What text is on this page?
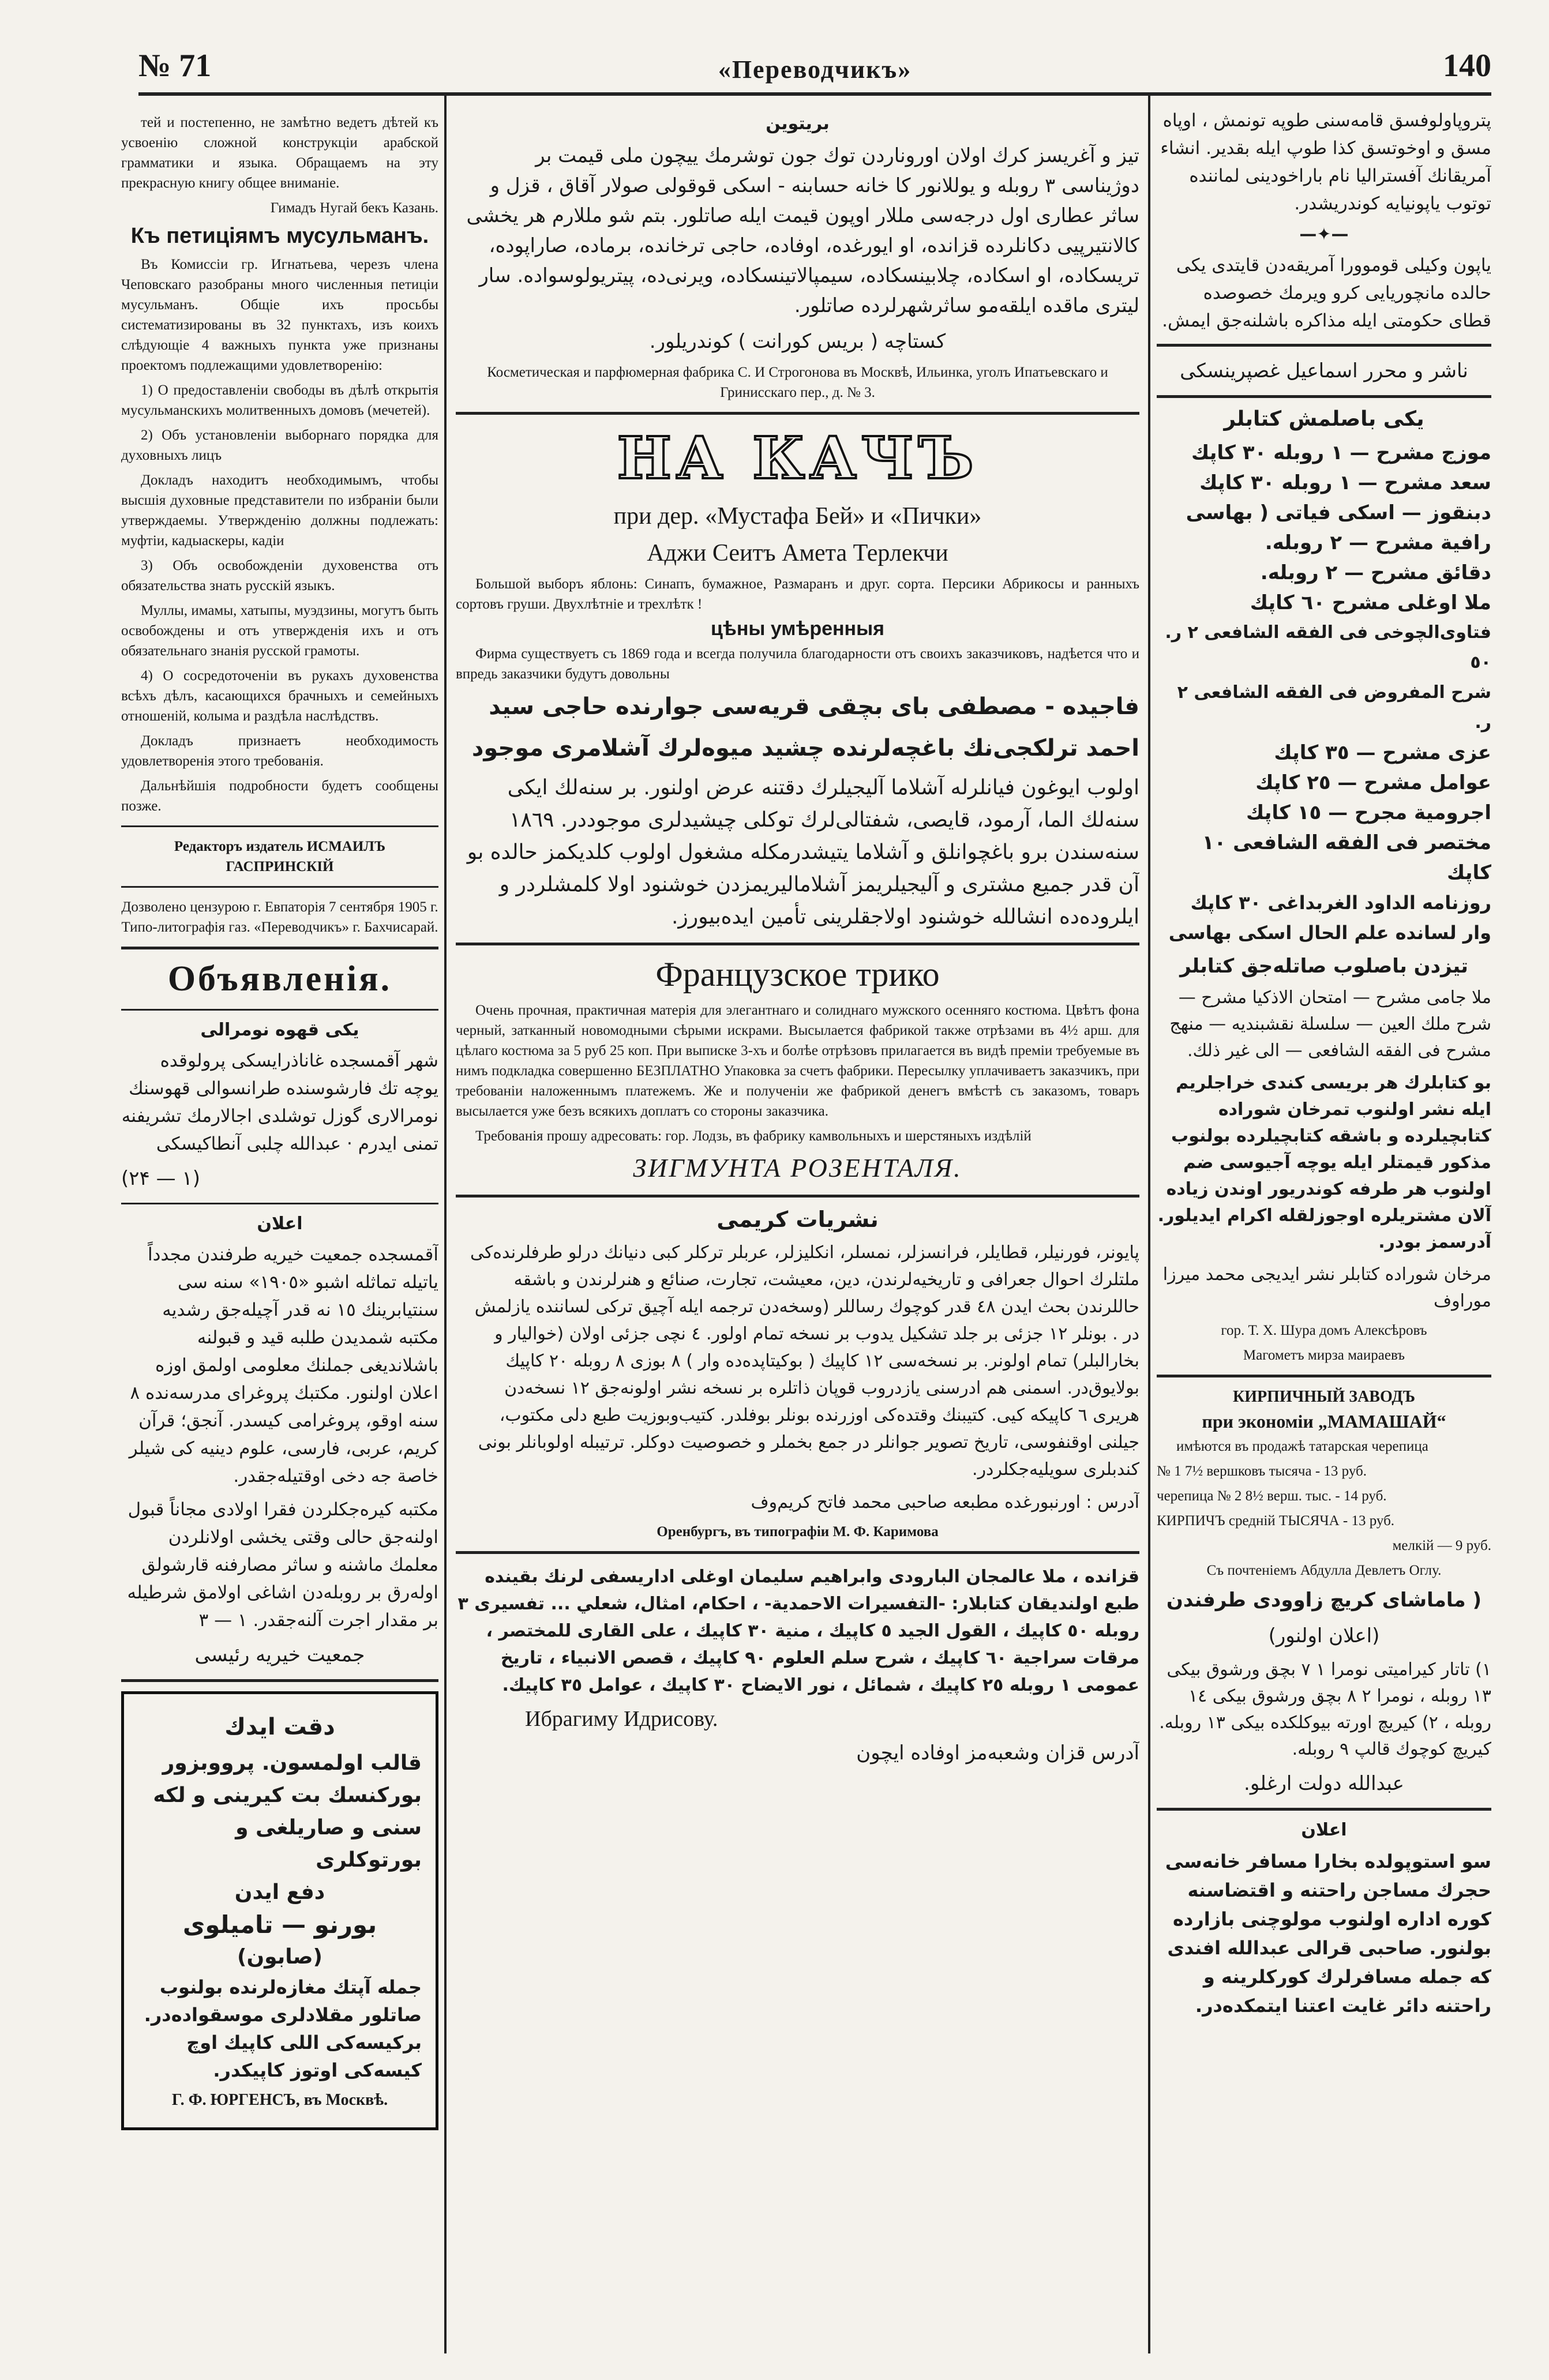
№ 71	«Переводчикъ»	140

тей и постепенно, не замѣтно ведетъ дѣтей къ усвоенію сложной конструкціи арабской грамматики и языка. Обращаемъ на эту прекрасную книгу общее вниманіе.

Гимадъ Нугай бекъ Казань.

Къ петиціямъ мусульманъ.

Въ Комиссіи гр. Игнатьева, черезъ члена Чеповскаго разобраны много численныя петиціи мусульманъ. Общіе ихъ просьбы систематизированы въ 32 пунктахъ, изъ коихъ слѣдующіе 4 важныхъ пункта уже признаны проектомъ подлежащими удовлетворенію:

1) О предоставленіи свободы въ дѣлѣ открытія мусульманскихъ молитвенныхъ домовъ (мечетей).

2) Объ установленіи выборнаго порядка для духовныхъ лицъ

Докладъ находитъ необходимымъ, чтобы высшія духовные представители по избраніи были утверждаемы. Утвержденію должны подлежать: муфтіи, кадыаскеры, кадіи

3) Объ освобожденіи духовенства отъ обязательства знать русскій языкъ.

Муллы, имамы, хатыпы, муэдзины, могутъ быть освобождены и отъ утвержденія ихъ и отъ обязательнаго знанія русской грамоты.

4) О сосредоточеніи въ рукахъ духовенства всѣхъ дѣлъ, касающихся брачныхъ и семейныхъ отношеній, колыма и раздѣла наслѣдствъ.

Докладъ признаетъ необходимость удовлетворенія этого требованія.

Дальнѣйшія подробности будетъ сообщены позже.

Редакторъ издатель ИСМАИЛЪ ГАСПРИНСКІЙ

Дозволено цензурою г. Евпаторія 7 сентября 1905 г. Типо-литографія газ. «Переводчикъ» г. Бахчисарай.

Объявленія.
يكى قهوه نومرالى

شهر آقمسجده غاناذرايسكى پرولوقده يوچه تك فارشوسنده طرانسوالى قهوسنك نومرالارى گوزل توشلدى اجالارمك تشريفنه تمنى ايدرم · عبدالله چلبى آنطاكيسكى

(۱ — ۲۴)

اعلان

آقمسجده جمعيت خيريه طرفندن مجدداً ياتيله تماثله اشبو «١٩٠٥» سنه سى سنتيابرينك ١٥ نه قدر آچيله‌جق رشديه مكتبه شمديدن طلبه قيد و قبولنه باشلانديغى جملنك معلومى اولمق اوزه اعلان اولنور. مكتبك پروغراى مدرسه‌نده ٨ سنه اوقو، پروغرامى كيسدر. آنجق؛ قرآن كريم، عربى، فارسى، علوم دينيه كى شيلر خاصة جه دخى اوقتيله‌جقدر.

مكتبه كيره‌جكلردن فقرا اولادى مجاناً قبول اولنه‌جق حالى وقتى يخشى اولانلردن معلمك ماشنه و ساثر مصارفنه قارشولق اوله‌رق بر روبله‌دن اشاغى اولامق شرطيله بر مقدار اجرت آلنه‌جقدر. ١ — ٣

جمعيت خيريه رئيسى

دقت ايدك

قالب اولمسون. پرووبزور

بوركنسك بت كيرينى و لكه

سنى و صاريلغى و بورتوكلرى

دفع ايدن

بورنو — تاميلوى

(صابون)

جمله آپتك مغازه‌لرنده بولنوب صاتلور مقلادلرى موسقواده‌در. بركيسه‌كى اللى كاپيك اوچ كيسه‌كى اوتوز كاپيكدر.

Г. Ф. ЮРГЕНСЪ, въ Москвѣ.

بريتوين

تيز و آغريسز كرك اولان اوروناردن توك جون توشرمك ييچون ملى قيمت بر دوژيناسى ٣ روبله و يوللانور كا خانه حسابنه - اسكى قوقولى صولار آقاق ، قزل و ساثر عطارى اول درجه‌سى مللار اوپون قيمت ايله صاتلور. بتم شو مللارم هر يخشى كالانتيرپيى دكانلرده قزانده، او ايورغده، اوفاده، حاجى ترخانده، برماده، صاراپوده، تريسكاده، او اسكاده، چلابينسكاده، سيمپالاتينسكاده، ويرنى‌ده، پيتريولوسواده. سار ليترى ماقده ايلقه‌مو ساثرشهرلرده صاتلور.

كستاچه ( بريس كورانت ) كوندريلور.

Косметическая и парфюмерная фабрика С. И Строгонова въ Москвѣ, Ильинка, уголъ Ипатьевскаго и Гринисскаго пер., д. № 3.

НА КАЧЪ

при дер. «Мустафа Бей» и «Пички»

Аджи Сеитъ Амета Терлекчи

Большой выборъ яблонь: Синапъ, бумажное, Размаранъ и друг. сорта. Персики Абрикосы и ранныхъ сортовъ груши. Двухлѣтніе и трехлѣтк !

цѣны умѣренныя

Фирма существуетъ съ 1869 года и всегда получила благодарности отъ своихъ заказчиковъ, надѣется что и впредь заказчики будутъ довольны

فاجيده - مصطفى باى بچقى قريه‌سى جوارنده حاجى سيد

احمد ترلكجى‌نك باغچه‌لرنده چشيد ميوه‌لرك آشلامرى موجود

اولوب ايوغون فيانلرله آشلاما آليجيلرك دقتنه عرض اولنور. بر سنه‌لك ايكى سنه‌لك الما، آرمود، قايصى، شفتالى‌لرك توكلى چيشيدلرى موجوددر. ١٨٦٩ سنه‌سندن برو باغچوانلق و آشلاما يتيشدرمكله مشغول اولوب كلديكمز حالده بو آن‌ قدر جميع مشترى و آليجيلريمز آشلاماليريمزدن خوشنود اولا كلمشلردر و ايلروده‌ده انشالله خوشنود اولاجقلرينى تأمين ايده‌بيورز.

Французское трико

Очень прочная, практичная матерія для элегантнаго и солиднаго мужского осенняго костюма. Цвѣтъ фона черный, затканный новомодными сѣрыми искрами. Высылается фабрикой также отрѣзами въ 4½ арш. для цѣлаго костюма за 5 руб 25 коп. При выписке 3-хъ и болѣе отрѣзовъ прилагается въ видѣ преміи требуемые въ нимъ подкладка совершенно БЕЗПЛАТНО Упаковка за счетъ фабрики. Пересылку уплачиваетъ заказчикъ, при требованіи наложеннымъ платежемъ. Же и полученіи же фабрикой денегъ вмѣстѣ съ заказомъ, товаръ высылается уже безъ всякихъ доплатъ со стороны заказчика.

Требованія прошу адресовать: гор. Лодзь, въ фабрику камвольныхъ и шерстяныхъ издѣлій

ЗИГМУНТА РОЗЕНТАЛЯ.

نشريات كريمى

پايونر، فورنيلر، قطايلر، فرانسزلر، نمسلر، انكليزلر، عربلر تركلر كبى دنيانك درلو طرفلرنده‌كى ملتلرك احوال جعرافى و تاريخيه‌لرندن، دين، معيشت، تجارت، صنائع و هنرلرندن و باشقه حاللرندن بحث ايدن ٤٨ قدر كوچوك رساللر (وسخه‌دن ترجمه ايله آچيق تركى لساننده يازلمش در . بونلر ١٢ جزئى بر جلد تشكيل يدوب بر نسخه تمام اولور. ٤ نچى جزئى اولان (خواليار و بخارالبلر) تمام اولونر. بر نسخه‌سى ١٢ كاپيك ( بوكيتاپده‌ده وار ) ٨ بوزى ٨ روبله ٢٠ كاپيك بولايوق‌در. اسمنى هم ادرسنى يازدروب قوپان ذاتلره بر نسخه نشر اولونه‌جق ١٢ نسخه‌دن هريرى ٦ كاپيكه كيى. كتيبنك وقتده‌كى اوزرنده بونلر بوفلدر. كتيب‌وبوزيت طبع دلى مكتوب، جيلنى اوقنفوسى، تاريخ تصوير جوانلر در جمع بخملر و خصوصيت دوكلر. ترتيبله اولوبانلر بونى كندبلرى سويليه‌جكلردر.

آدرس : اورنبورغده مطبعه صاحبى محمد فاتح كريم‌وف

Оренбургъ, въ типографіи М. Ф. Каримова

قزانده ، ملا عالمجان البارودى وابراهيم سليمان اوغلى اداريسفى لرنك بقينده طبع اولنديقان كتابلار: -التفسيرات الاحمدية- ، احكام، امثال، شعلي ... تفسيرى ٣ روبله ٥٠ كاپيك ، القول الجيد ٥ كاپيك ، منية ٣٠ كاپيك ، على القارى للمختصر ، مرقات سراجية ٦٠ كاپيك ، شرح سلم العلوم ٩٠ كاپيك ، قصص الانبياء ، تاريخ عمومى ١ روبله ٢٥ كاپيك ، شمائل ، نور الايضاح ٣٠ كاپيك ، عوامل ٣٥ كاپيك.

Ибрагиму Идрисову.

آدرس قزان وشعبه‌مز اوفاده ايچون

پتروپاولوفسق قامه‌سنى طوپه تونمش ، اوپاه مسق و اوخوتسق كذا طوپ ايله بقدير. انشاء آمريقانك آفستراليا نام باراخودينى لماننده توتوب ياپونيايه كوندريشدر.

—✦—

ياپون وكيلى قوموورا آمريقه‌دن قايتدى يكى حالده مانچوريايى كرو ويرمك خصوصده قطاى حكومتى ايله مذاكره باشلنه‌جق ايمش.

ناشر و محرر اسماعيل غصپرينسكى

يكى باصلمش كتابلر

موزج مشرح — ١ روبله ٣٠ كاپك

سعد مشرح — ١ روبله ٣٠ كاپك

دبنقوز — اسكى فياتى ( بهاسى

رافية مشرح — ٢ روبله.

دقائق مشرح — ٢ روبله.

ملا اوغلى مشرح ٦٠ كاپك

فتاوى‌الچوخى فى الفقه الشافعى ٢ ر. ٥٠

شرح المفروض فى الفقه الشافعى ٢ ر.

عزى مشرح — ٣٥ كاپك

عوامل مشرح — ٢٥ كاپك

اجرومية مجرح — ١٥ كاپك

مختصر فى الفقه الشافعى ١٠ كاپك

روزنامه الداود الغربداغى ٣٠ كاپك

وار لسانده علم الحال اسكى بهاسى

تيزدن باصلوب صاتله‌جق كتابلر

ملا جامى مشرح — امتحان الاذكيا مشرح — شرح ملك العين — سلسلة نقشبنديه — منهج مشرح فى الفقه الشافعى — الى غير ذلك.

بو كتابلرك هر بريسى كندى خراجلريم ايله نشر اولنوب تمرخان شوراده كتابچيلرده و باشقه كتابچيلرده بولنوب مذكور قيمتلر ايله يوچه آجيوسى ضم اولنوب هر طرفه كوندريور اوندن زياده آلان مشتريلره اوجوزلقله اكرام ايديلور. آدرسمز بودر.

مرخان شوراده كتابلر نشر ايديجى محمد ميرزا موراوف

гор. Т. Х. Шура домъ Алексѣровъ

Магометъ мирза маираевъ

КИРПИЧНЫЙ ЗАВОДЪ

при экономіи „МАМАШАЙ“

имѣются въ продажѣ татарская черепица

№ 1 7½ вершковъ тысяча - 13 руб.

черепица № 2 8½ верш. тыс. - 14 руб.

КИРПИЧЪ средній ТЫСЯЧА - 13 руб.

мелкій — 9 руб.

Съ почтеніемъ Абдулла Девлетъ Оглу.

( ماماشاى كريچ زاوودى طرفندن

(اعلان اولنور)

١) تاتار كيراميتى نومرا ١ ٧ بچق ورشوق بيكى ١٣ روبله ، نومرا ٢ ٨ بچق ورشوق بيكى ١٤ روبله ، ٢) كيريچ اورته بيوكلكده بيكى ١٣ روبله. كيريچ كوچوك قالپ ٩ روبله.

عبدالله دولت ارغلو.

اعلان

سو استوپولده بخارا مسافر خانه‌سى حجرك مساجن راحتنه و اقتضاسنه كوره اداره اولنوب مولوچنى بازارده بولنور. صاحبى قرالى عبدالله افندى كه جمله مسافرلرك كوركلرينه و راحتنه دائر غايت اعتنا ايتمكده‌در.
